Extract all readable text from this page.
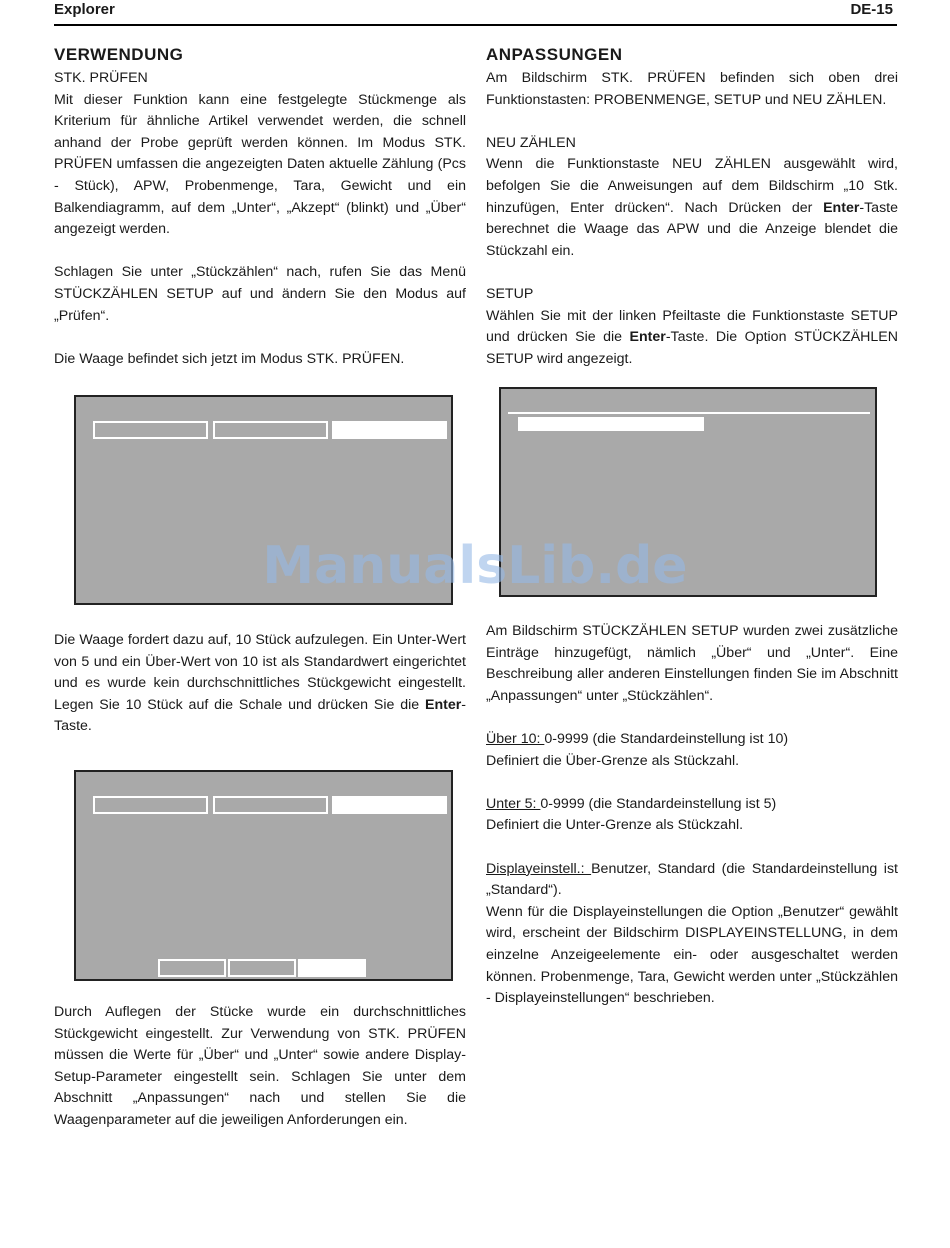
Explorer	DE-15
VERWENDUNG
STK. PRÜFEN

Mit dieser Funktion kann eine festgelegte Stückmenge als Kriterium für ähnliche Artikel verwendet werden, die schnell anhand der Probe geprüft werden können. Im Modus STK. PRÜFEN umfassen die angezeigten Daten aktuelle Zählung (Pcs - Stück), APW, Probenmenge, Tara, Gewicht und ein Balkendiagramm, auf dem „Unter“, „Akzept“ (blinkt) und „Über“ angezeigt werden.

Schlagen Sie unter „Stückzählen“ nach, rufen Sie das Menü STÜCKZÄHLEN SETUP auf und ändern Sie den Modus auf „Prüfen“.

Die Waage befindet sich jetzt im Modus STK. PRÜFEN.

Die Waage fordert dazu auf, 10 Stück aufzulegen. Ein Unter-Wert von 5 und ein Über-Wert von 10 ist als Standardwert eingerichtet und es wurde kein durchschnittliches Stückgewicht eingestellt. Legen Sie 10 Stück auf die Schale und drücken Sie die Enter-Taste.

Durch Auflegen der Stücke wurde ein durchschnittliches Stückgewicht eingestellt. Zur Verwendung von STK. PRÜFEN müssen die Werte für „Über“ und „Unter“ sowie andere Display-Setup-Parameter eingestellt sein. Schlagen Sie unter dem Abschnitt „Anpassungen“ nach und stellen Sie die Waagenparameter auf die jeweiligen Anforderungen ein.

ANPASSUNGEN

Am Bildschirm STK. PRÜFEN befinden sich oben drei Funktionstasten: PROBENMENGE, SETUP und NEU ZÄHLEN.

NEU ZÄHLEN

Wenn die Funktionstaste NEU ZÄHLEN ausgewählt wird, befolgen Sie die Anweisungen auf dem Bildschirm „10 Stk. hinzufügen, Enter drücken“. Nach Drücken der Enter-Taste berechnet die Waage das APW und die Anzeige blendet die Stückzahl ein.

SETUP

Wählen Sie mit der linken Pfeiltaste die Funktionstaste SETUP und drücken Sie die Enter-Taste. Die Option STÜCKZÄHLEN SETUP wird angezeigt.

Am Bildschirm STÜCKZÄHLEN SETUP wurden zwei zusätzliche Einträge hinzugefügt, nämlich „Über“ und „Unter“. Eine Beschreibung aller anderen Einstellungen finden Sie im Abschnitt „Anpassungen“ unter „Stückzählen“.

Über 10: 0-9999 (die Standardeinstellung ist 10)
Definiert die Über-Grenze als Stückzahl.

Unter 5: 0-9999 (die Standardeinstellung ist 5)
Definiert die Unter-Grenze als Stückzahl.

Displayeinstell.: Benutzer, Standard (die Standardeinstellung ist „Standard“).
Wenn für die Displayeinstellungen die Option „Benutzer“ gewählt wird, erscheint der Bildschirm DISPLAYEINSTELLUNG, in dem einzelne Anzeigeelemente ein- oder ausgeschaltet werden können. Probenmenge, Tara, Gewicht werden unter „Stückzählen - Displayeinstellungen“ beschrieben.

ManualsLib.de
